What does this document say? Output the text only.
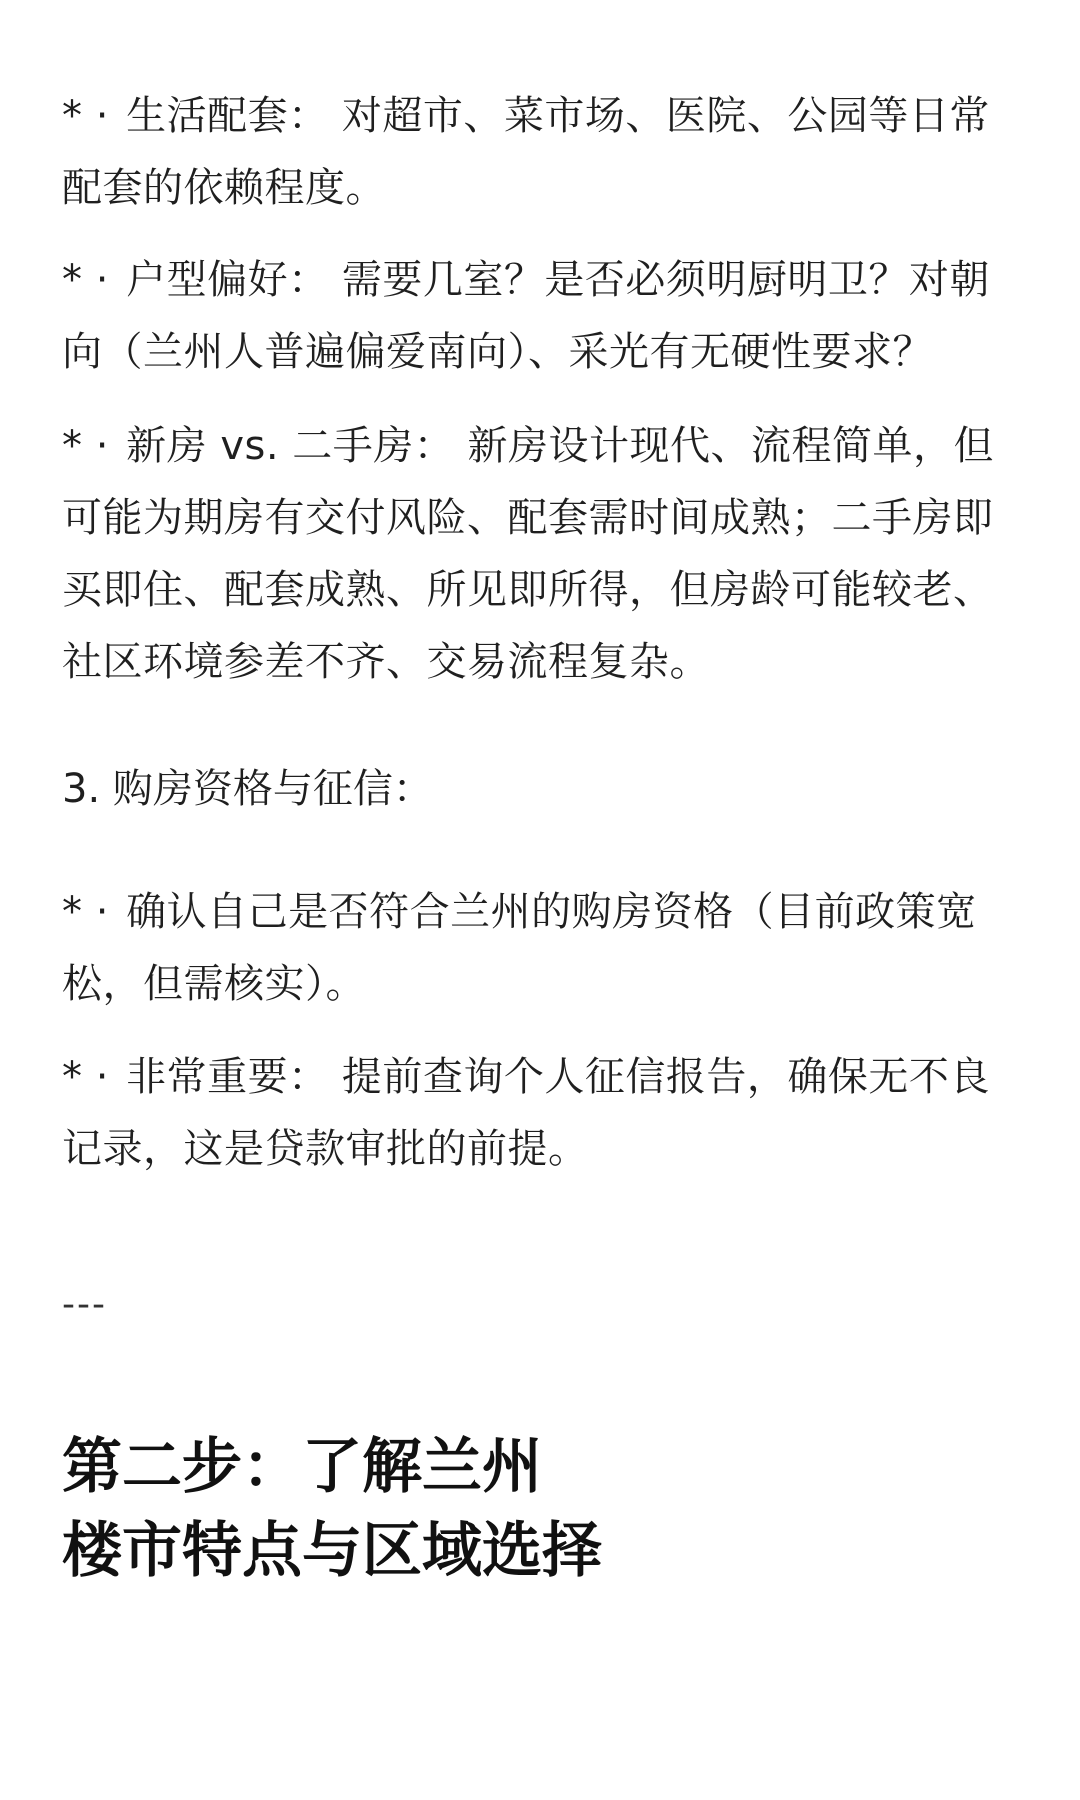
* · 生活配套： 对超市、菜市场、医院、公园等日常配套的依赖程度。

* · 户型偏好： 需要几室？是否必须明厨明卫？对朝向（兰州人普遍偏爱南向）、采光有无硬性要求？

* · 新房 vs. 二手房： 新房设计现代、流程简单，但可能为期房有交付风险、配套需时间成熟；二手房即买即住、配套成熟、所见即所得，但房龄可能较老、社区环境参差不齐、交易流程复杂。

3. 购房资格与征信：

* · 确认自己是否符合兰州的购房资格（目前政策宽松，但需核实）。

* · 非常重要： 提前查询个人征信报告，确保无不良记录，这是贷款审批的前提。

---

第二步：了解兰州
楼市特点与区域选择
